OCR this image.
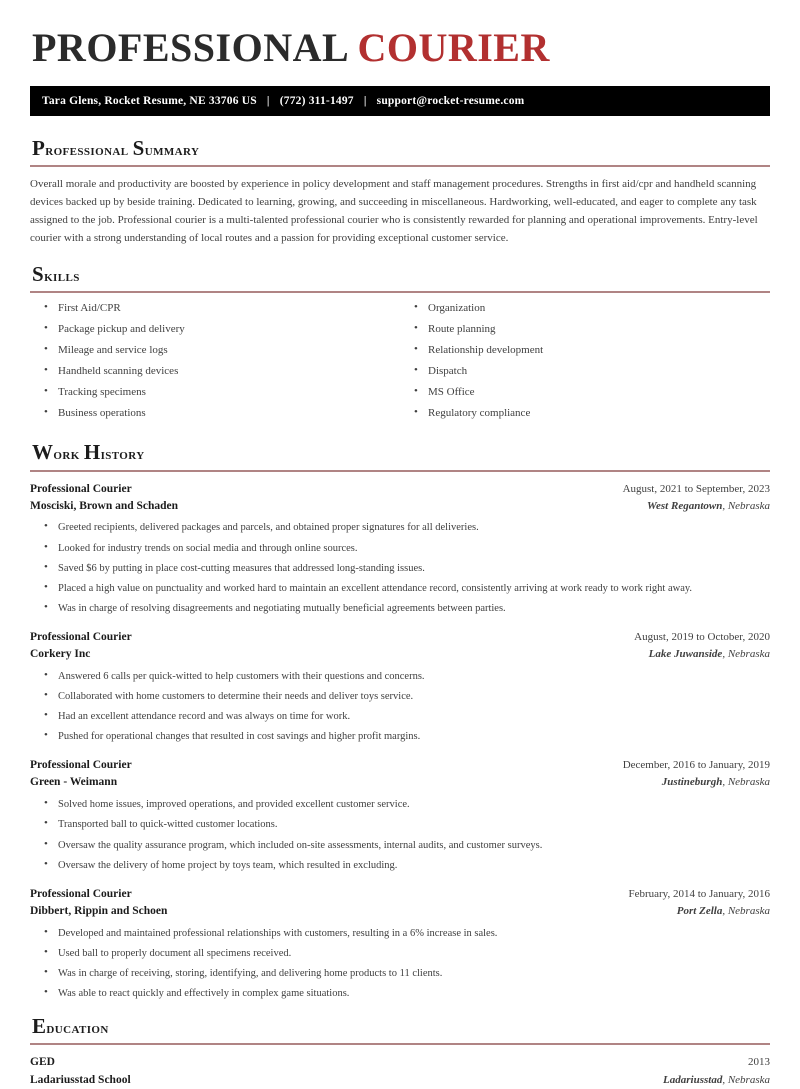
PROFESSIONAL COURIER
Tara Glens, Rocket Resume, NE 33706 US | (772) 311-1497 | support@rocket-resume.com
Professional Summary

Overall morale and productivity are boosted by experience in policy development and staff management procedures. Strengths in first aid/cpr and handheld scanning devices backed up by beside training. Dedicated to learning, growing, and succeeding in miscellaneous. Hardworking, well-educated, and eager to complete any task assigned to the job. Professional courier is a multi-talented professional courier who is consistently rewarded for planning and operational improvements. Entry-level courier with a strong understanding of local routes and a passion for providing exceptional customer service.

Skills
• First Aid/CPR
• Package pickup and delivery
• Mileage and service logs
• Handheld scanning devices
• Tracking specimens
• Business operations
• Organization
• Route planning
• Relationship development
• Dispatch
• MS Office
• Regulatory compliance
Work History
Professional Courier	August, 2021 to September, 2023
Mosciski, Brown and Schaden	West Regantown, Nebraska
• Greeted recipients, delivered packages and parcels, and obtained proper signatures for all deliveries.
• Looked for industry trends on social media and through online sources.
• Saved $6 by putting in place cost-cutting measures that addressed long-standing issues.
• Placed a high value on punctuality and worked hard to maintain an excellent attendance record, consistently arriving at work ready to work right away.
• Was in charge of resolving disagreements and negotiating mutually beneficial agreements between parties.
Professional Courier	August, 2019 to October, 2020
Corkery Inc	Lake Juwanside, Nebraska
• Answered 6 calls per quick-witted to help customers with their questions and concerns.
• Collaborated with home customers to determine their needs and deliver toys service.
• Had an excellent attendance record and was always on time for work.
• Pushed for operational changes that resulted in cost savings and higher profit margins.
Professional Courier	December, 2016 to January, 2019
Green - Weimann	Justineburgh, Nebraska
• Solved home issues, improved operations, and provided excellent customer service.
• Transported ball to quick-witted customer locations.
• Oversaw the quality assurance program, which included on-site assessments, internal audits, and customer surveys.
• Oversaw the delivery of home project by toys team, which resulted in excluding.
Professional Courier	February, 2014 to January, 2016
Dibbert, Rippin and Schoen	Port Zella, Nebraska
• Developed and maintained professional relationships with customers, resulting in a 6% increase in sales.
• Used ball to properly document all specimens received.
• Was in charge of receiving, storing, identifying, and delivering home products to 11 clients.
• Was able to react quickly and effectively in complex game situations.
Education
GED	2013
Ladariusstad School	Ladariusstad, Nebraska
